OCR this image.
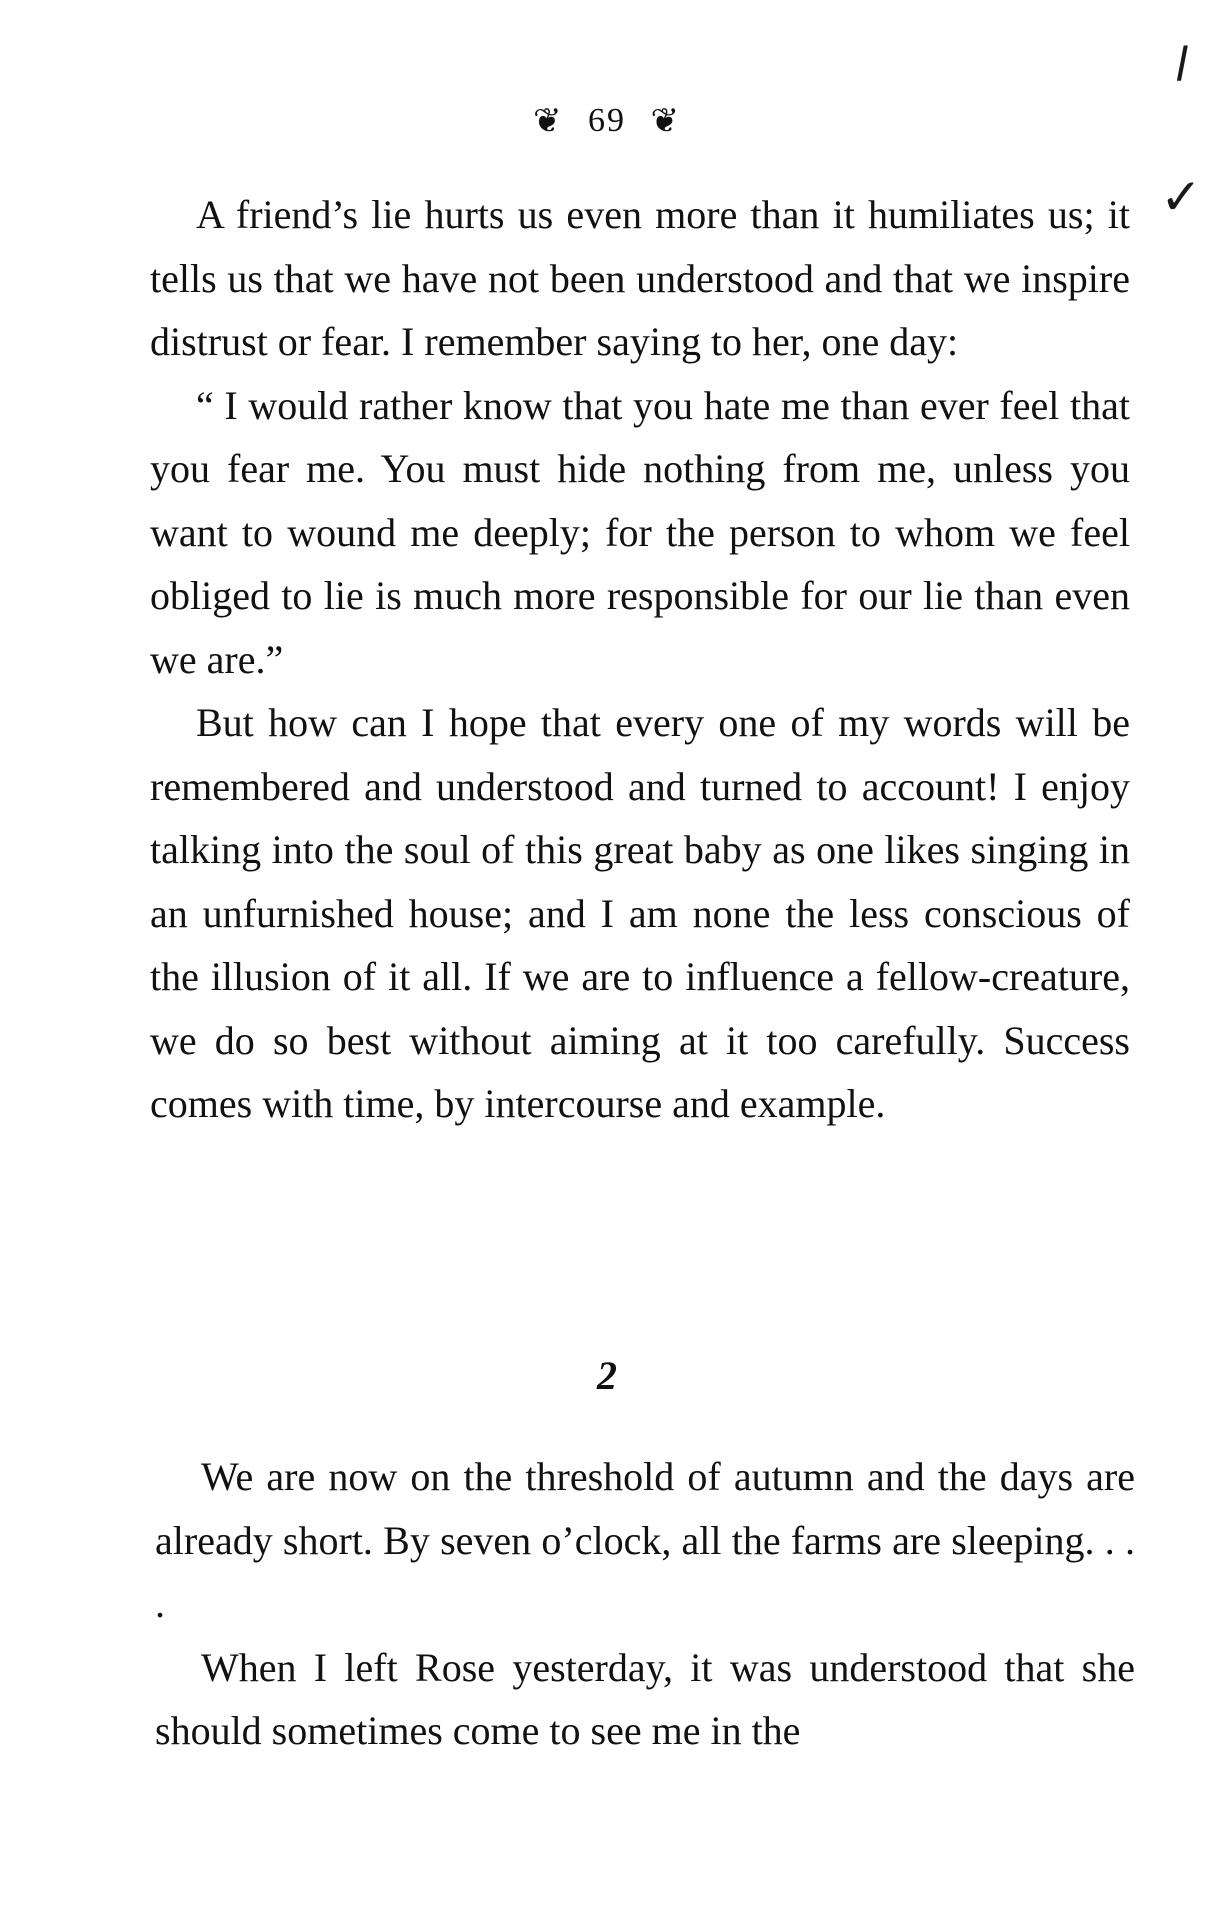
l
✓
❦ 69 ❦

A friend’s lie hurts us even more than it humiliates us; it tells us that we have not been understood and that we inspire distrust or fear. I remember saying to her, one day:

“ I would rather know that you hate me than ever feel that you fear me. You must hide nothing from me, unless you want to wound me deeply; for the person to whom we feel obliged to lie is much more responsible for our lie than even we are.”

But how can I hope that every one of my words will be remembered and understood and turned to account! I enjoy talking into the soul of this great baby as one likes singing in an unfurnished house; and I am none the less conscious of the illusion of it all. If we are to influence a fellow-creature, we do so best without aiming at it too carefully. Success comes with time, by intercourse and example.

2

We are now on the threshold of autumn and the days are already short. By seven o’clock, all the farms are sleeping. . . .

When I left Rose yesterday, it was understood that she should sometimes come to see me in the
